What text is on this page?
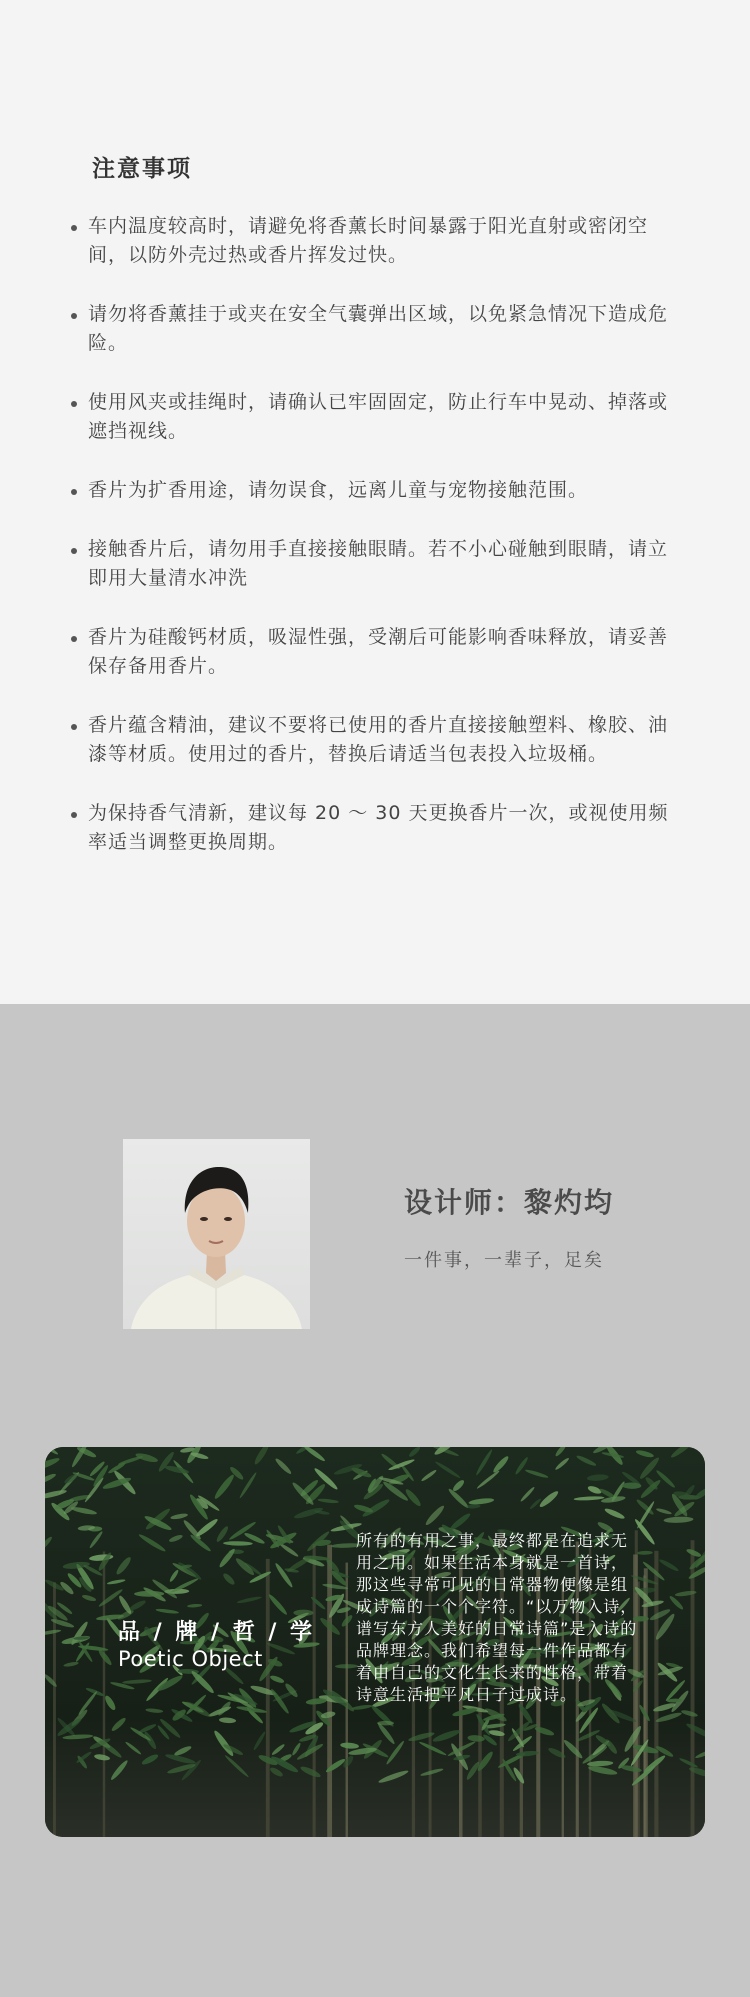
注意事项
车内温度较高时，请避免将香薰长时间暴露于阳光直射或密闭空间，以防外壳过热或香片挥发过快。
请勿将香薰挂于或夹在安全气囊弹出区域，以免紧急情况下造成危险。
使用风夹或挂绳时，请确认已牢固固定，防止行车中晃动、掉落或遮挡视线。
香片为扩香用途，请勿误食，远离儿童与宠物接触范围。
接触香片后，请勿用手直接接触眼睛。若不小心碰触到眼睛，请立即用大量清水冲洗
香片为硅酸钙材质，吸湿性强，受潮后可能影响香味释放，请妥善保存备用香片。
香片蕴含精油，建议不要将已使用的香片直接接触塑料、橡胶、油漆等材质。使用过的香片，替换后请适当包表投入垃圾桶。
为保持香气清新，建议每 20 ～ 30 天更换香片一次，或视使用频率适当调整更换周期。
设计师：黎灼均
一件事，一辈子，足矣
品 / 牌 / 哲 / 学
Poetic Object
所有的有用之事，最终都是在追求无用之用。如果生活本身就是一首诗，那这些寻常可见的日常器物便像是组成诗篇的一个个字符。“以万物入诗，谱写东方人美好的日常诗篇”是入诗的品牌理念。我们希望每一件作品都有着由自己的文化生长来的性格，带着诗意生活把平凡日子过成诗。
